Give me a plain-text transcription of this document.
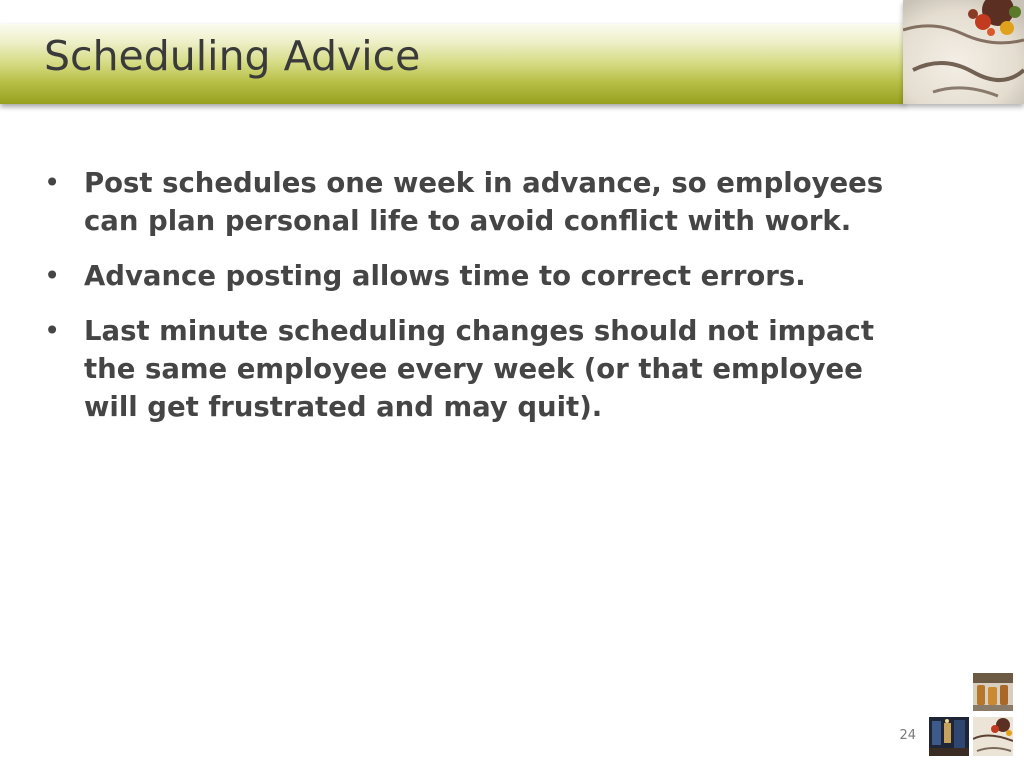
Scheduling Advice
• Post schedules one week in advance, so employees
can plan personal life to avoid conflict with work.
• Advance posting allows time to correct errors.
• Last minute scheduling changes should not impact
the same employee every week (or that employee
will get frustrated and may quit).
24
